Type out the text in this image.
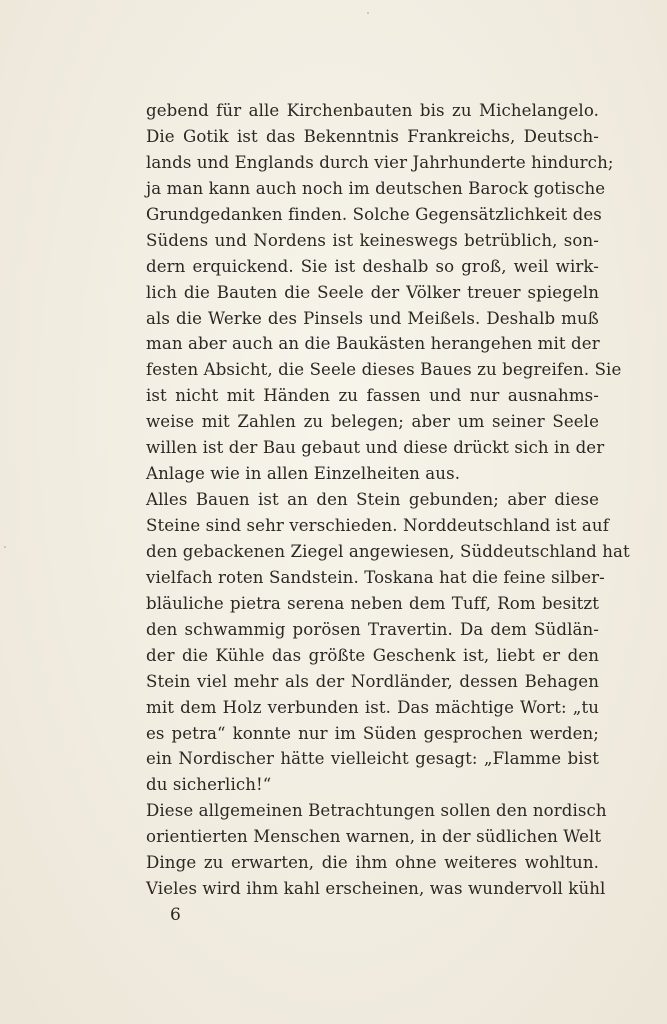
gebend für alle Kirchenbauten bis zu Michelangelo.
Die Gotik ist das Bekenntnis Frankreichs, Deutsch-
lands und Englands durch vier Jahrhunderte hindurch;
ja man kann auch noch im deutschen Barock gotische
Grundgedanken finden. Solche Gegensätzlichkeit des
Südens und Nordens ist keineswegs betrüblich, son-
dern erquickend. Sie ist deshalb so groß, weil wirk-
lich die Bauten die Seele der Völker treuer spiegeln
als die Werke des Pinsels und Meißels. Deshalb muß
man aber auch an die Baukästen herangehen mit der
festen Absicht, die Seele dieses Baues zu begreifen. Sie
ist nicht mit Händen zu fassen und nur ausnahms-
weise mit Zahlen zu belegen; aber um seiner Seele
willen ist der Bau gebaut und diese drückt sich in der
Anlage wie in allen Einzelheiten aus.
Alles Bauen ist an den Stein gebunden; aber diese
Steine sind sehr verschieden. Norddeutschland ist auf
den gebackenen Ziegel angewiesen, Süddeutschland hat
vielfach roten Sandstein. Toskana hat die feine silber-
bläuliche pietra serena neben dem Tuff, Rom besitzt
den schwammig porösen Travertin. Da dem Südlän-
der die Kühle das größte Geschenk ist, liebt er den
Stein viel mehr als der Nordländer, dessen Behagen
mit dem Holz verbunden ist. Das mächtige Wort: „tu
es petra“ konnte nur im Süden gesprochen werden;
ein Nordischer hätte vielleicht gesagt: „Flamme bist
du sicherlich!“
Diese allgemeinen Betrachtungen sollen den nordisch
orientierten Menschen warnen, in der südlichen Welt
Dinge zu erwarten, die ihm ohne weiteres wohltun.
Vieles wird ihm kahl erscheinen, was wundervoll kühl
6
